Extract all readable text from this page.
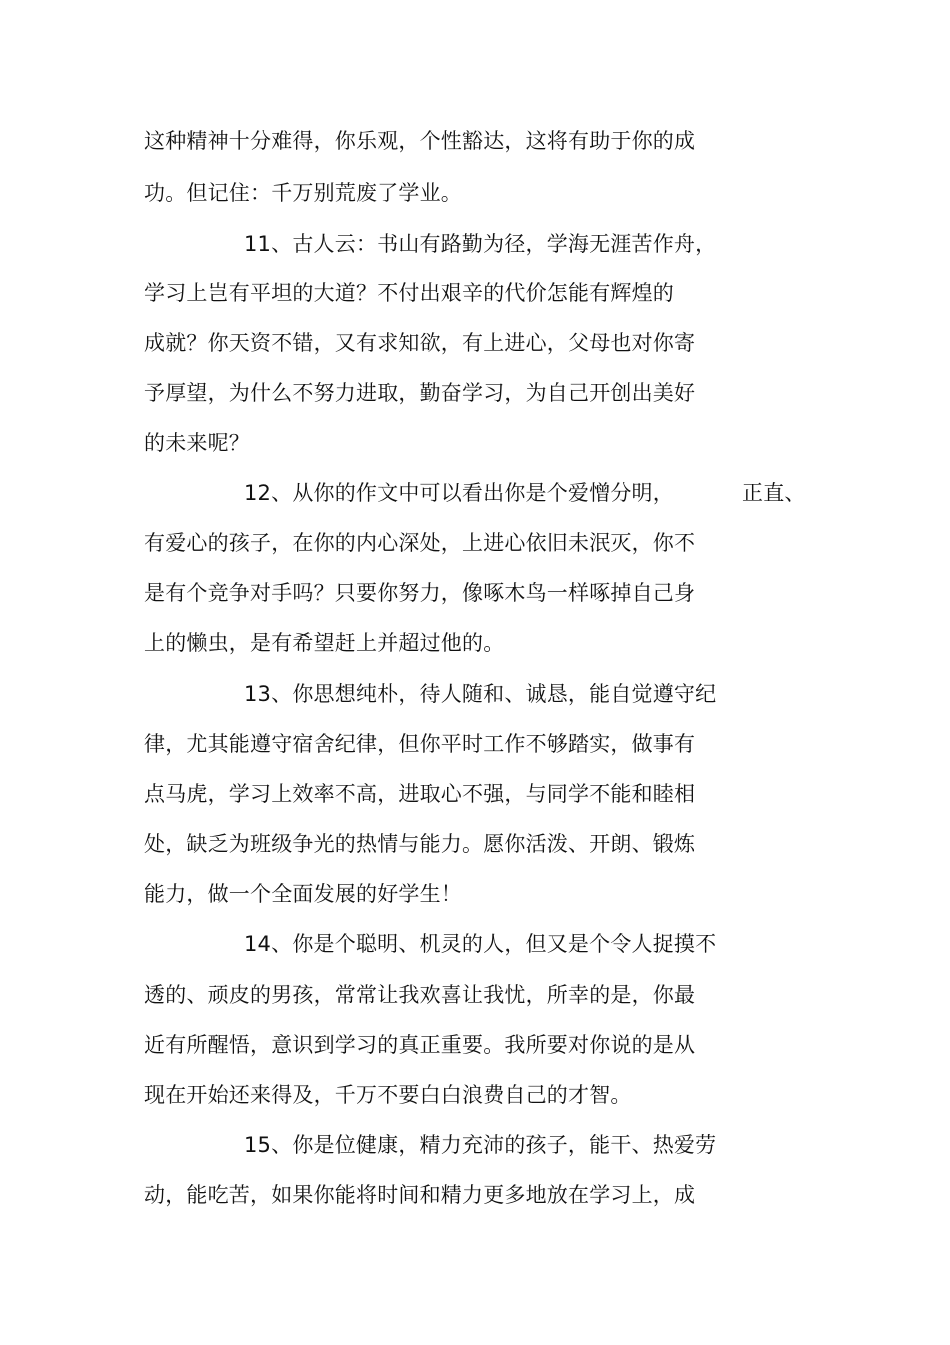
这种精神十分难得，你乐观，个性豁达，这将有助于你的成
功。但记住：千万别荒废了学业。
11、古人云：书山有路勤为径，学海无涯苦作舟，
学习上岂有平坦的大道？不付出艰辛的代价怎能有辉煌的
成就？你天资不错，又有求知欲，有上进心，父母也对你寄
予厚望，为什么不努力进取，勤奋学习，为自己开创出美好
的未来呢？
12、从你的作文中可以看出你是个爱憎分明，	正直、
有爱心的孩子，在你的内心深处，上进心依旧未泯灭，你不
是有个竞争对手吗？只要你努力，像啄木鸟一样啄掉自己身
上的懒虫，是有希望赶上并超过他的。
13、你思想纯朴，待人随和、诚恳，能自觉遵守纪
律，尤其能遵守宿舍纪律，但你平时工作不够踏实，做事有
点马虎，学习上效率不高，进取心不强，与同学不能和睦相
处，缺乏为班级争光的热情与能力。愿你活泼、开朗、锻炼
能力，做一个全面发展的好学生！
14、你是个聪明、机灵的人，但又是个令人捉摸不
透的、顽皮的男孩，常常让我欢喜让我忧，所幸的是，你最
近有所醒悟，意识到学习的真正重要。我所要对你说的是从
现在开始还来得及，千万不要白白浪费自己的才智。
15、你是位健康，精力充沛的孩子，能干、热爱劳
动，能吃苦，如果你能将时间和精力更多地放在学习上，成
